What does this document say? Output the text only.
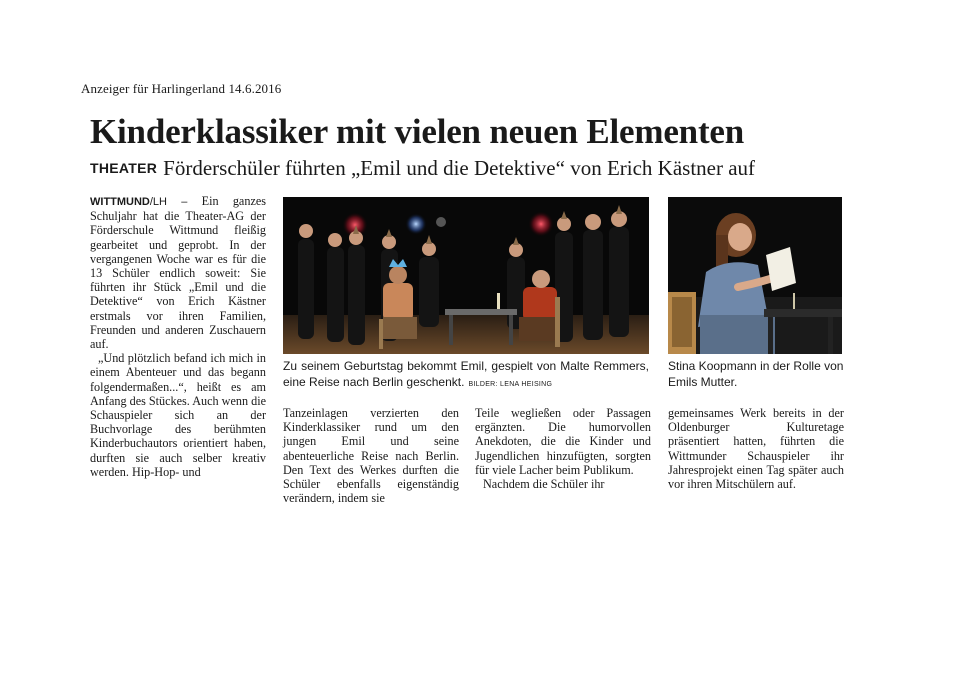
Anzeiger für Harlingerland 14.6.2016
Kinderklassiker mit vielen neuen Elementen
THEATER Förderschüler führten „Emil und die Detektive“ von Erich Kästner auf

WITTMUND/LH – Ein ganzes Schuljahr hat die Theater-AG der Förderschule Wittmund fleißig gearbeitet und geprobt. In der vergangenen Woche war es für die 13 Schüler endlich soweit: Sie führten ihr Stück „Emil und die Detektive“ von Erich Kästner erstmals vor ihren Familien, Freunden und anderen Zuschauern auf.

„Und plötzlich befand ich mich in einem Abenteuer und das begann folgendermaßen...“, heißt es am Anfang des Stückes. Auch wenn die Schauspieler sich an der Buchvorlage des berühmten Kinderbuchautors orientiert haben, durften sie auch selber kreativ werden. Hip-Hop- und

Zu seinem Geburtstag bekommt Emil, gespielt von Malte Remmers, eine Reise nach Berlin geschenkt. BILDER: LENA HEISING
Stina Koopmann in der Rolle von Emils Mutter.

Tanzeinlagen verzierten den Kinderklassiker rund um den jungen Emil und seine abenteuerliche Reise nach Berlin. Den Text des Werkes durften die Schüler ebenfalls eigenständig verändern, indem sie

Teile wegließen oder Passagen ergänzten. Die humorvollen Anekdoten, die die Kinder und Jugendlichen hinzufügten, sorgten für viele Lacher beim Publikum.

Nachdem die Schüler ihr

gemeinsames Werk bereits in der Oldenburger Kulturetage präsentiert hatten, führten die Wittmunder Schauspieler ihr Jahresprojekt einen Tag später auch vor ihren Mitschülern auf.
